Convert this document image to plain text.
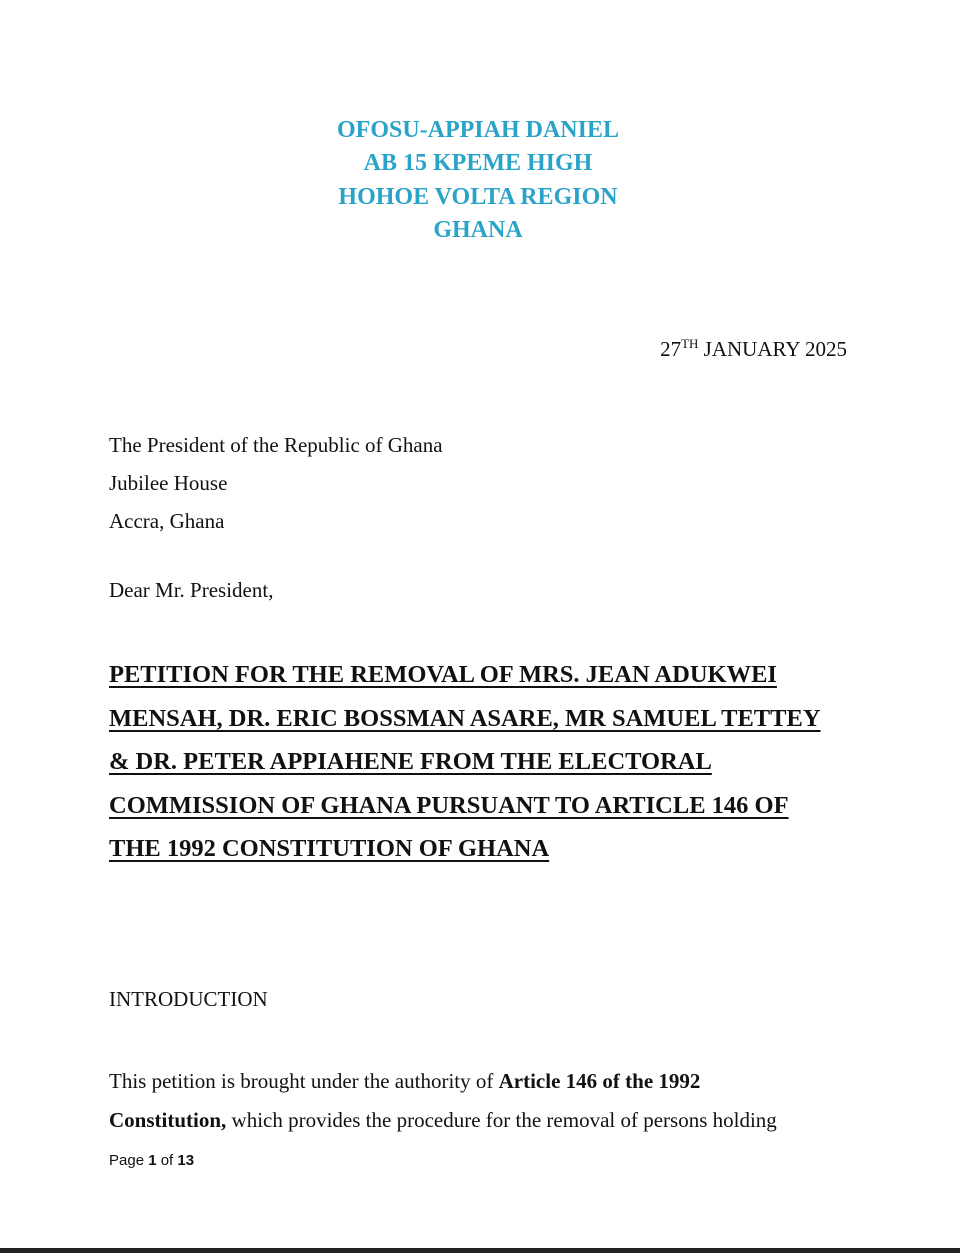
OFOSU-APPIAH DANIEL
AB 15 KPEME HIGH
HOHOE VOLTA REGION
GHANA
27TH JANUARY 2025
The President of the Republic of Ghana
Jubilee House
Accra, Ghana
Dear Mr. President,
PETITION FOR THE REMOVAL OF MRS. JEAN ADUKWEI
MENSAH, DR. ERIC BOSSMAN ASARE, MR SAMUEL TETTEY
& DR. PETER APPIAHENE FROM THE ELECTORAL
COMMISSION OF GHANA PURSUANT TO ARTICLE 146 OF
THE 1992 CONSTITUTION OF GHANA
INTRODUCTION
This petition is brought under the authority of Article 146 of the 1992
Constitution, which provides the procedure for the removal of persons holding
Page 1 of 13
